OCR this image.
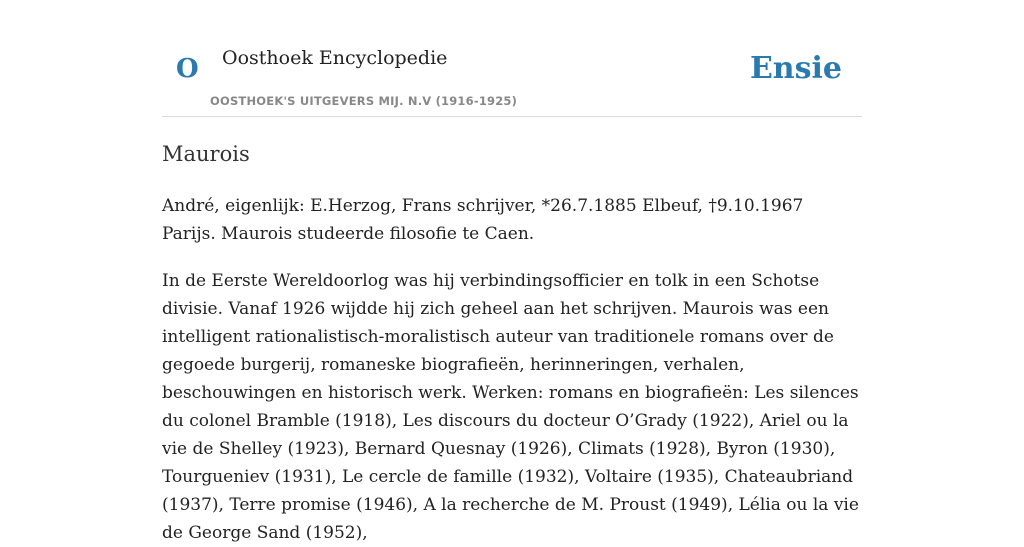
O Oosthoek Encyclopedie
OOSTHOEK'S UITGEVERS MIJ. N.V (1916-1925)
Ensie
Maurois

André, eigenlijk: E.Herzog, Frans schrijver, *26.7.1885 Elbeuf, †9.10.1967 Parijs. Maurois studeerde filosofie te Caen.

In de Eerste Wereldoorlog was hij verbindingsofficier en tolk in een Schotse divisie. Vanaf 1926 wijdde hij zich geheel aan het schrijven. Maurois was een intelligent rationalistisch-moralistisch auteur van traditionele romans over de gegoede burgerij, romaneske biografieën, herinneringen, verhalen, beschouwingen en historisch werk. Werken: romans en biografieën: Les silences du colonel Bramble (1918), Les discours du docteur O’Grady (1922), Ariel ou la vie de Shelley (1923), Bernard Quesnay (1926), Climats (1928), Byron (1930), Tourgueniev (1931), Le cercle de famille (1932), Voltaire (1935), Chateaubriand (1937), Terre promise (1946), A la recherche de M. Proust (1949), Lélia ou la vie de George Sand (1952),
